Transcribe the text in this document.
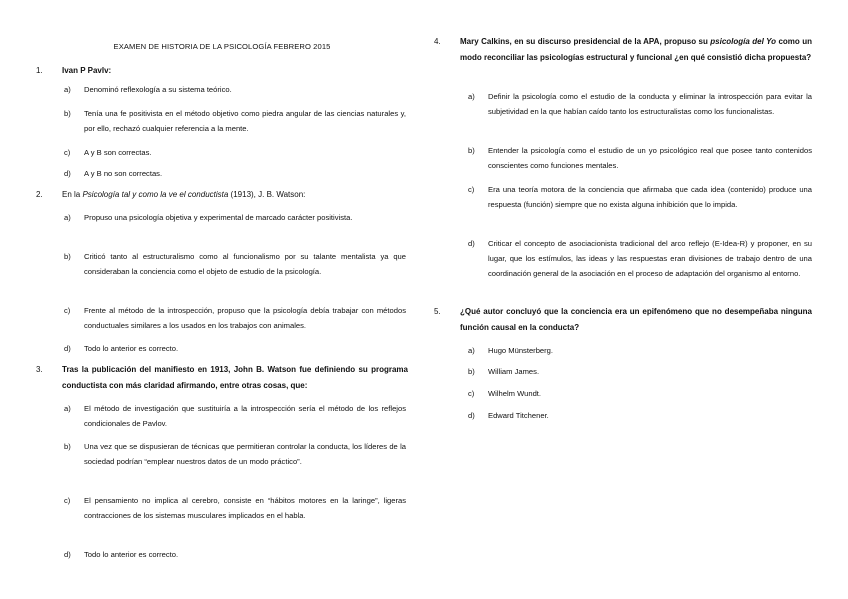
EXAMEN DE HISTORIA DE LA PSICOLOGÍA FEBRERO 2015
1.	Ivan P Pavlv:
a) Denominó reflexología a su sistema teórico.
b) Tenía una fe positivista en el método objetivo como piedra angular de las ciencias naturales y, por ello, rechazó cualquier referencia a la mente.
c) A y B son correctas.
d) A y B no son correctas.
2.	En la Psicología tal y como la ve el conductista (1913), J. B. Watson:
a) Propuso una psicología objetiva y experimental de marcado carácter positivista.
b) Criticó tanto al estructuralismo como al funcionalismo por su talante mentalista ya que consideraban la conciencia como el objeto de estudio de la psicología.
c) Frente al método de la introspección, propuso que la psicología debía trabajar con métodos conductuales similares a los usados en los trabajos con animales.
d) Todo lo anterior es correcto.
3.	Tras la publicación del manifiesto en 1913, John B. Watson fue definiendo su programa conductista con más claridad afirmando, entre otras cosas, que:
a) El método de investigación que sustituiría a la introspección sería el método de los reflejos condicionales de Pavlov.
b) Una vez que se dispusieran de técnicas que permitieran controlar la conducta, los líderes de la sociedad podrían “emplear nuestros datos de un modo práctico”.
c) El pensamiento no implica al cerebro, consiste en “hábitos motores en la laringe”, ligeras contracciones de los sistemas musculares implicados en el habla.
d) Todo lo anterior es correcto.
4.	Mary Calkins, en su discurso presidencial de la APA, propuso su psicología del Yo como un modo reconciliar las psicologías estructural y funcional ¿en qué consistió dicha propuesta?
a) Definir la psicología como el estudio de la conducta y eliminar la introspección para evitar la subjetividad en la que habían caído tanto los estructuralistas como los funcionalistas.
b) Entender la psicología como el estudio de un yo psicológico real que posee tanto contenidos conscientes como funciones mentales.
c) Era una teoría motora de la conciencia que afirmaba que cada idea (contenido) produce una respuesta (función) siempre que no exista alguna inhibición que lo impida.
d) Criticar el concepto de asociacionista tradicional del arco reflejo (E-Idea-R) y proponer, en su lugar, que los estímulos, las ideas y las respuestas eran divisiones de trabajo dentro de una coordinación general de la asociación en el proceso de adaptación del organismo al entorno.
5.	¿Qué autor concluyó que la conciencia era un epifenómeno que no desempeñaba ninguna función causal en la conducta?
a) Hugo Münsterberg.
b) William James.
c) Wilhelm Wundt.
d) Edward Titchener.
